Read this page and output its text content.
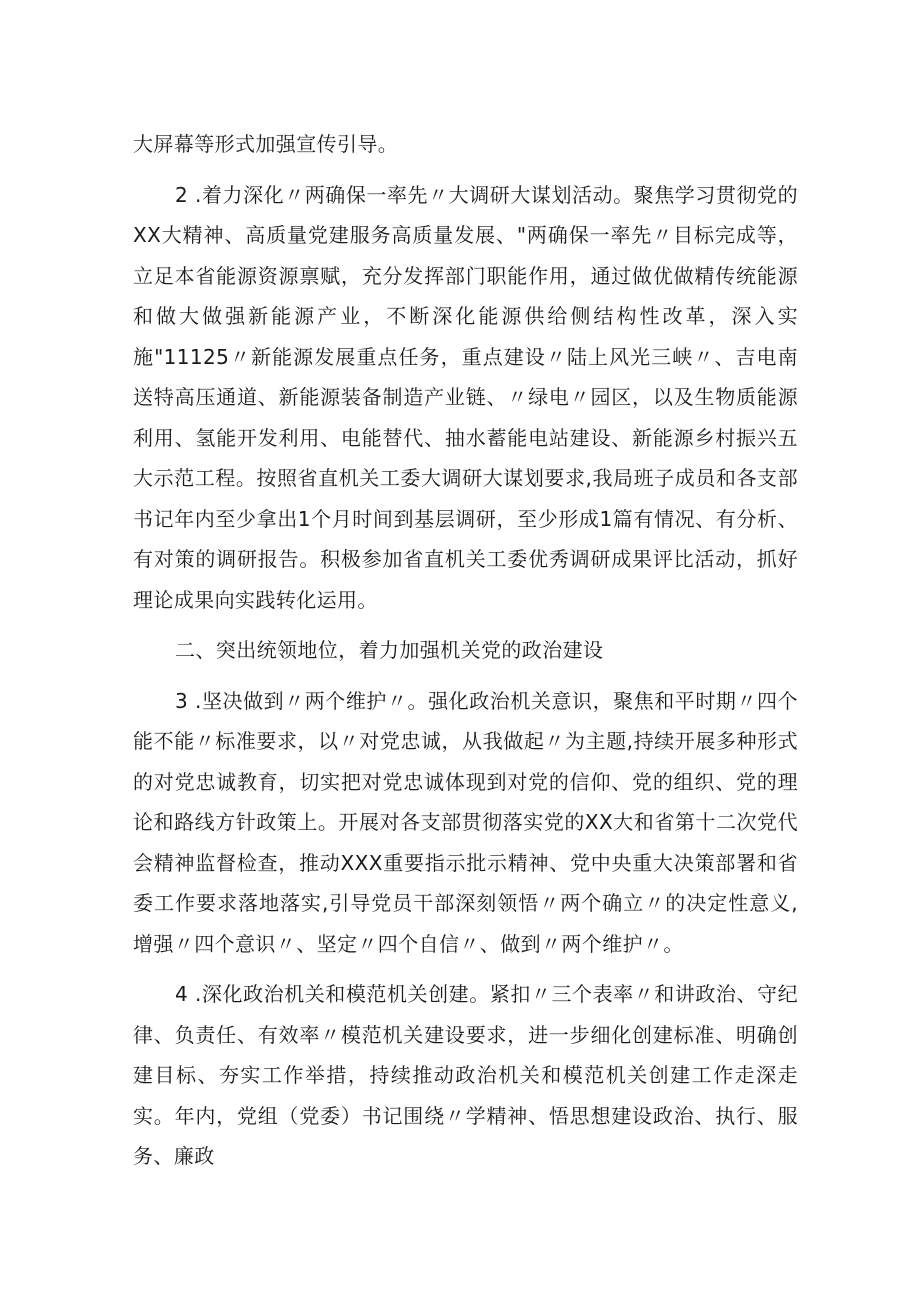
大屏幕等形式加强宣传引导。

2 .着力深化〃两确保一率先〃大调研大谋划活动。聚焦学习贯彻党的XX大精神、高质量党建服务高质量发展、"两确保一率先〃目标完成等，立足本省能源资源禀赋，充分发挥部门职能作用，通过做优做精传统能源和做大做强新能源产业，不断深化能源供给侧结构性改革，深入实施"11125〃新能源发展重点任务，重点建设〃陆上风光三峡〃、吉电南送特高压通道、新能源装备制造产业链、〃绿电〃园区，以及生物质能源利用、氢能开发利用、电能替代、抽水蓄能电站建设、新能源乡村振兴五大示范工程。按照省直机关工委大调研大谋划要求,我局班子成员和各支部书记年内至少拿出1个月时间到基层调研，至少形成1篇有情况、有分析、有对策的调研报告。积极参加省直机关工委优秀调研成果评比活动，抓好理论成果向实践转化运用。

二、突出统领地位，着力加强机关党的政治建设

3 .坚决做到〃两个维护〃。强化政治机关意识，聚焦和平时期〃四个能不能〃标准要求，以〃对党忠诚，从我做起〃为主题,持续开展多种形式的对党忠诚教育，切实把对党忠诚体现到对党的信仰、党的组织、党的理论和路线方针政策上。开展对各支部贯彻落实党的XX大和省第十二次党代会精神监督检查，推动XXX重要指示批示精神、党中央重大决策部署和省委工作要求落地落实,引导党员干部深刻领悟〃两个确立〃的决定性意义,增强〃四个意识〃、坚定〃四个自信〃、做到〃两个维护〃。

4 .深化政治机关和模范机关创建。紧扣〃三个表率〃和讲政治、守纪律、负责任、有效率〃模范机关建设要求，进一步细化创建标准、明确创建目标、夯实工作举措，持续推动政治机关和模范机关创建工作走深走实。年内，党组（党委）书记围绕〃学精神、悟思想建设政治、执行、服务、廉政
